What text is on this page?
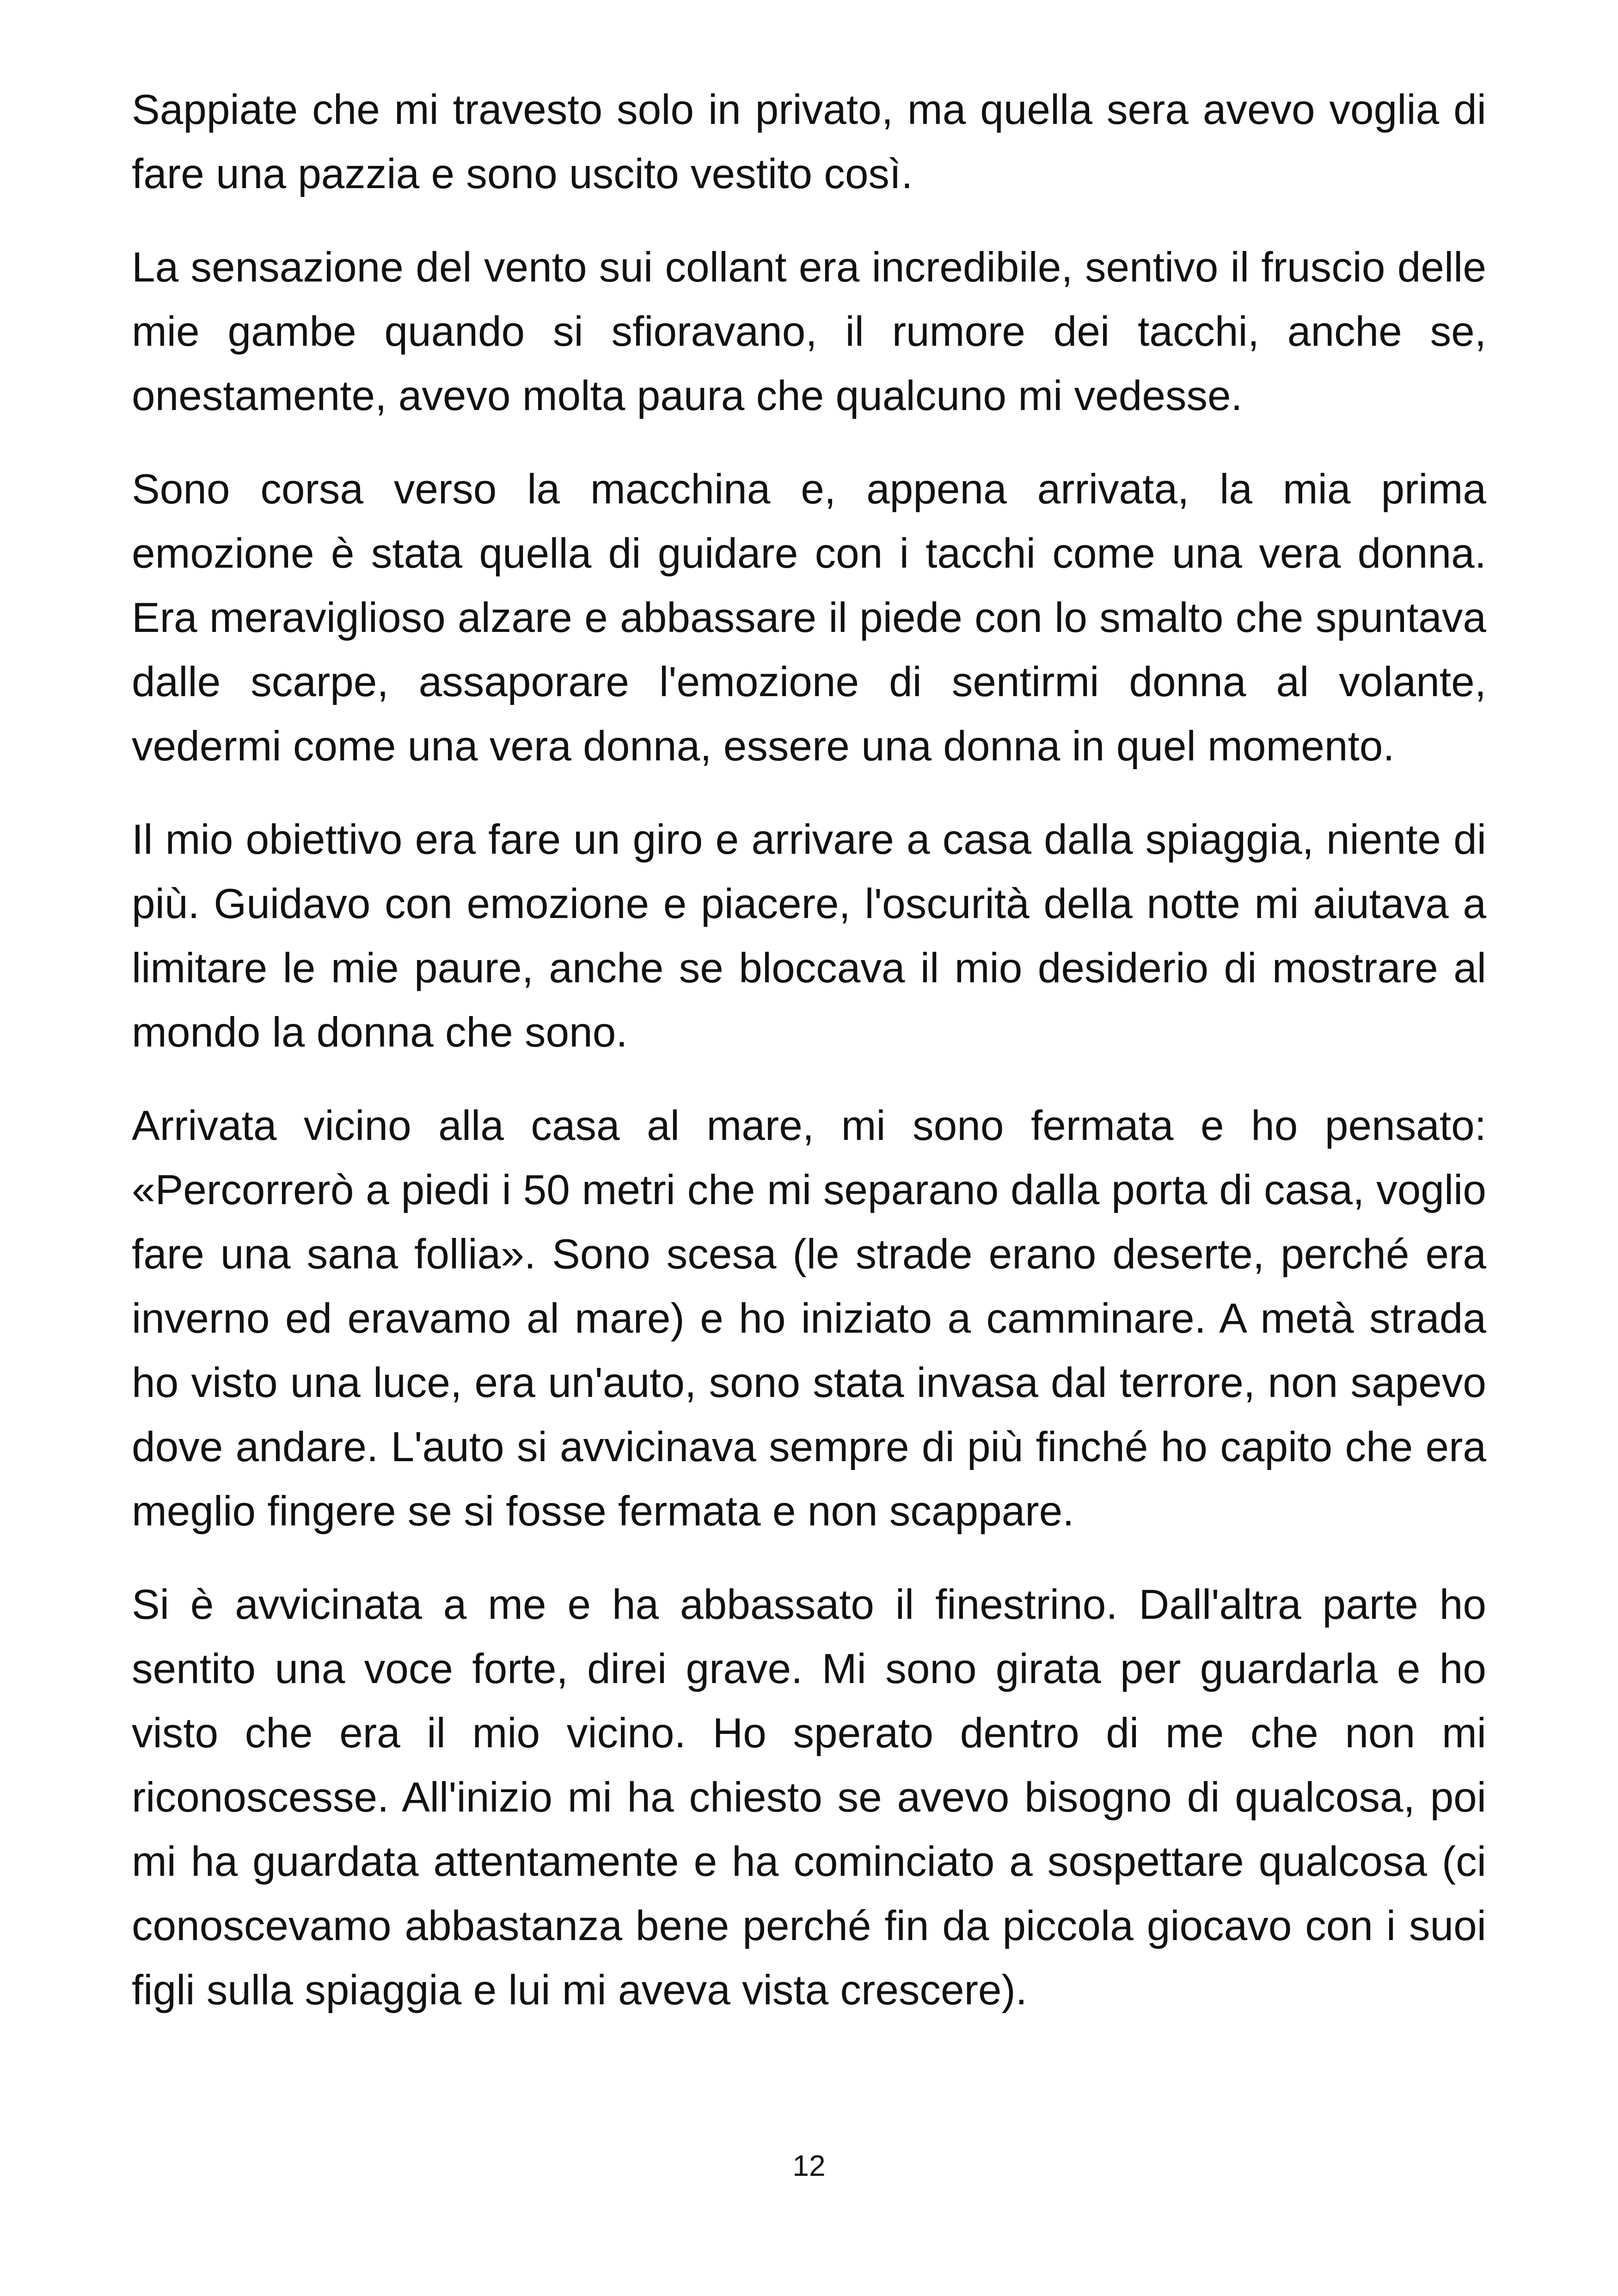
Sappiate che mi travesto solo in privato, ma quella sera avevo voglia di fare una pazzia e sono uscito vestito così.

La sensazione del vento sui collant era incredibile, sentivo il fruscio delle mie gambe quando si sfioravano, il rumore dei tacchi, anche se, onestamente, avevo molta paura che qualcuno mi vedesse.

Sono corsa verso la macchina e, appena arrivata, la mia prima emozione è stata quella di guidare con i tacchi come una vera donna. Era meraviglioso alzare e abbassare il piede con lo smalto che spuntava dalle scarpe, assaporare l'emozione di sentirmi donna al volante, vedermi come una vera donna, essere una donna in quel momento.

Il mio obiettivo era fare un giro e arrivare a casa dalla spiaggia, niente di più. Guidavo con emozione e piacere, l'oscurità della notte mi aiutava a limitare le mie paure, anche se bloccava il mio desiderio di mostrare al mondo la donna che sono.

Arrivata vicino alla casa al mare, mi sono fermata e ho pensato: «Percorrerò a piedi i 50 metri che mi separano dalla porta di casa, voglio fare una sana follia». Sono scesa (le strade erano deserte, perché era inverno ed eravamo al mare) e ho iniziato a camminare. A metà strada ho visto una luce, era un'auto, sono stata invasa dal terrore, non sapevo dove andare. L'auto si avvicinava sempre di più finché ho capito che era meglio fingere se si fosse fermata e non scappare.

Si è avvicinata a me e ha abbassato il finestrino. Dall'altra parte ho sentito una voce forte, direi grave. Mi sono girata per guardarla e ho visto che era il mio vicino. Ho sperato dentro di me che non mi riconoscesse. All'inizio mi ha chiesto se avevo bisogno di qualcosa, poi mi ha guardata attentamente e ha cominciato a sospettare qualcosa (ci conoscevamo abbastanza bene perché fin da piccola giocavo con i suoi figli sulla spiaggia e lui mi aveva vista crescere).

12
